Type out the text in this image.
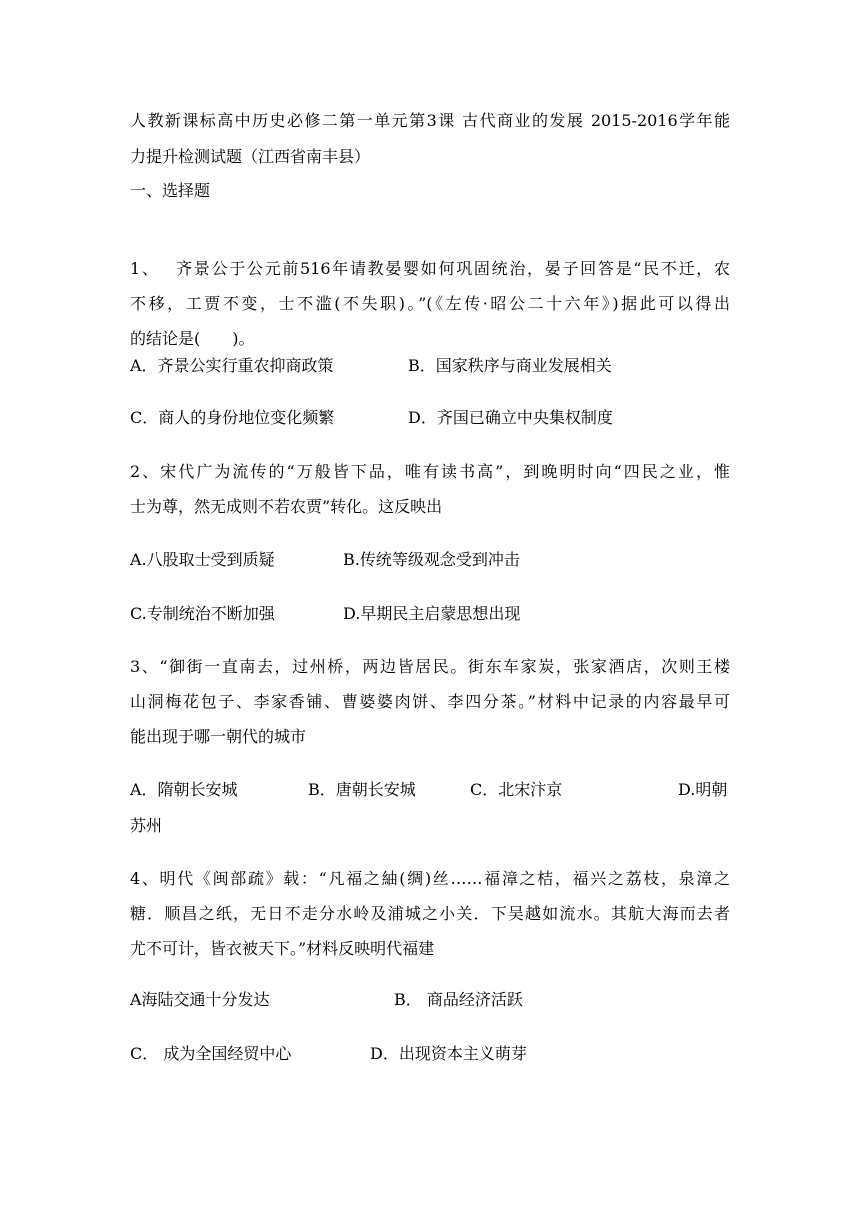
人教新课标高中历史必修二第一单元第3课 古代商业的发展 2015-2016学年能
力提升检测试题（江西省南丰县）
一、选择题
1、　 齐景公于公元前516年请教晏婴如何巩固统治，晏子回答是“民不迁，农
不移，工贾不变，士不滥(不失职)。”(《左传·昭公二十六年》)据此可以得出
的结论是(　　)。
A．齐景公实行重农抑商政策	B．国家秩序与商业发展相关
C．商人的身份地位变化频繁	D．齐国已确立中央集权制度
2、宋代广为流传的“万般皆下品，唯有读书高”，到晚明时向“四民之业，惟
士为尊，然无成则不若农贾”转化。这反映出
A.八股取士受到质疑	B.传统等级观念受到冲击
C.专制统治不断加强	D.早期民主启蒙思想出现
3、“御街一直南去，过州桥，两边皆居民。街东车家炭，张家酒店，次则王楼
山洞梅花包子、李家香铺、曹婆婆肉饼、李四分茶。”材料中记录的内容最早可
能出现于哪一朝代的城市
A．隋朝长安城	B．唐朝长安城	C．北宋汴京	D.明朝
苏州
4、明代《闽部疏》载：“凡福之紬(绸)丝……福漳之桔，福兴之荔枝，泉漳之
糖．顺昌之纸，无日不走分水岭及浦城之小关．下吴越如流水。其航大海而去者
尤不可计，皆衣被天下。”材料反映明代福建
A海陆交通十分发达	B． 商品经济活跃
C． 成为全国经贸中心	D．出现资本主义萌芽
